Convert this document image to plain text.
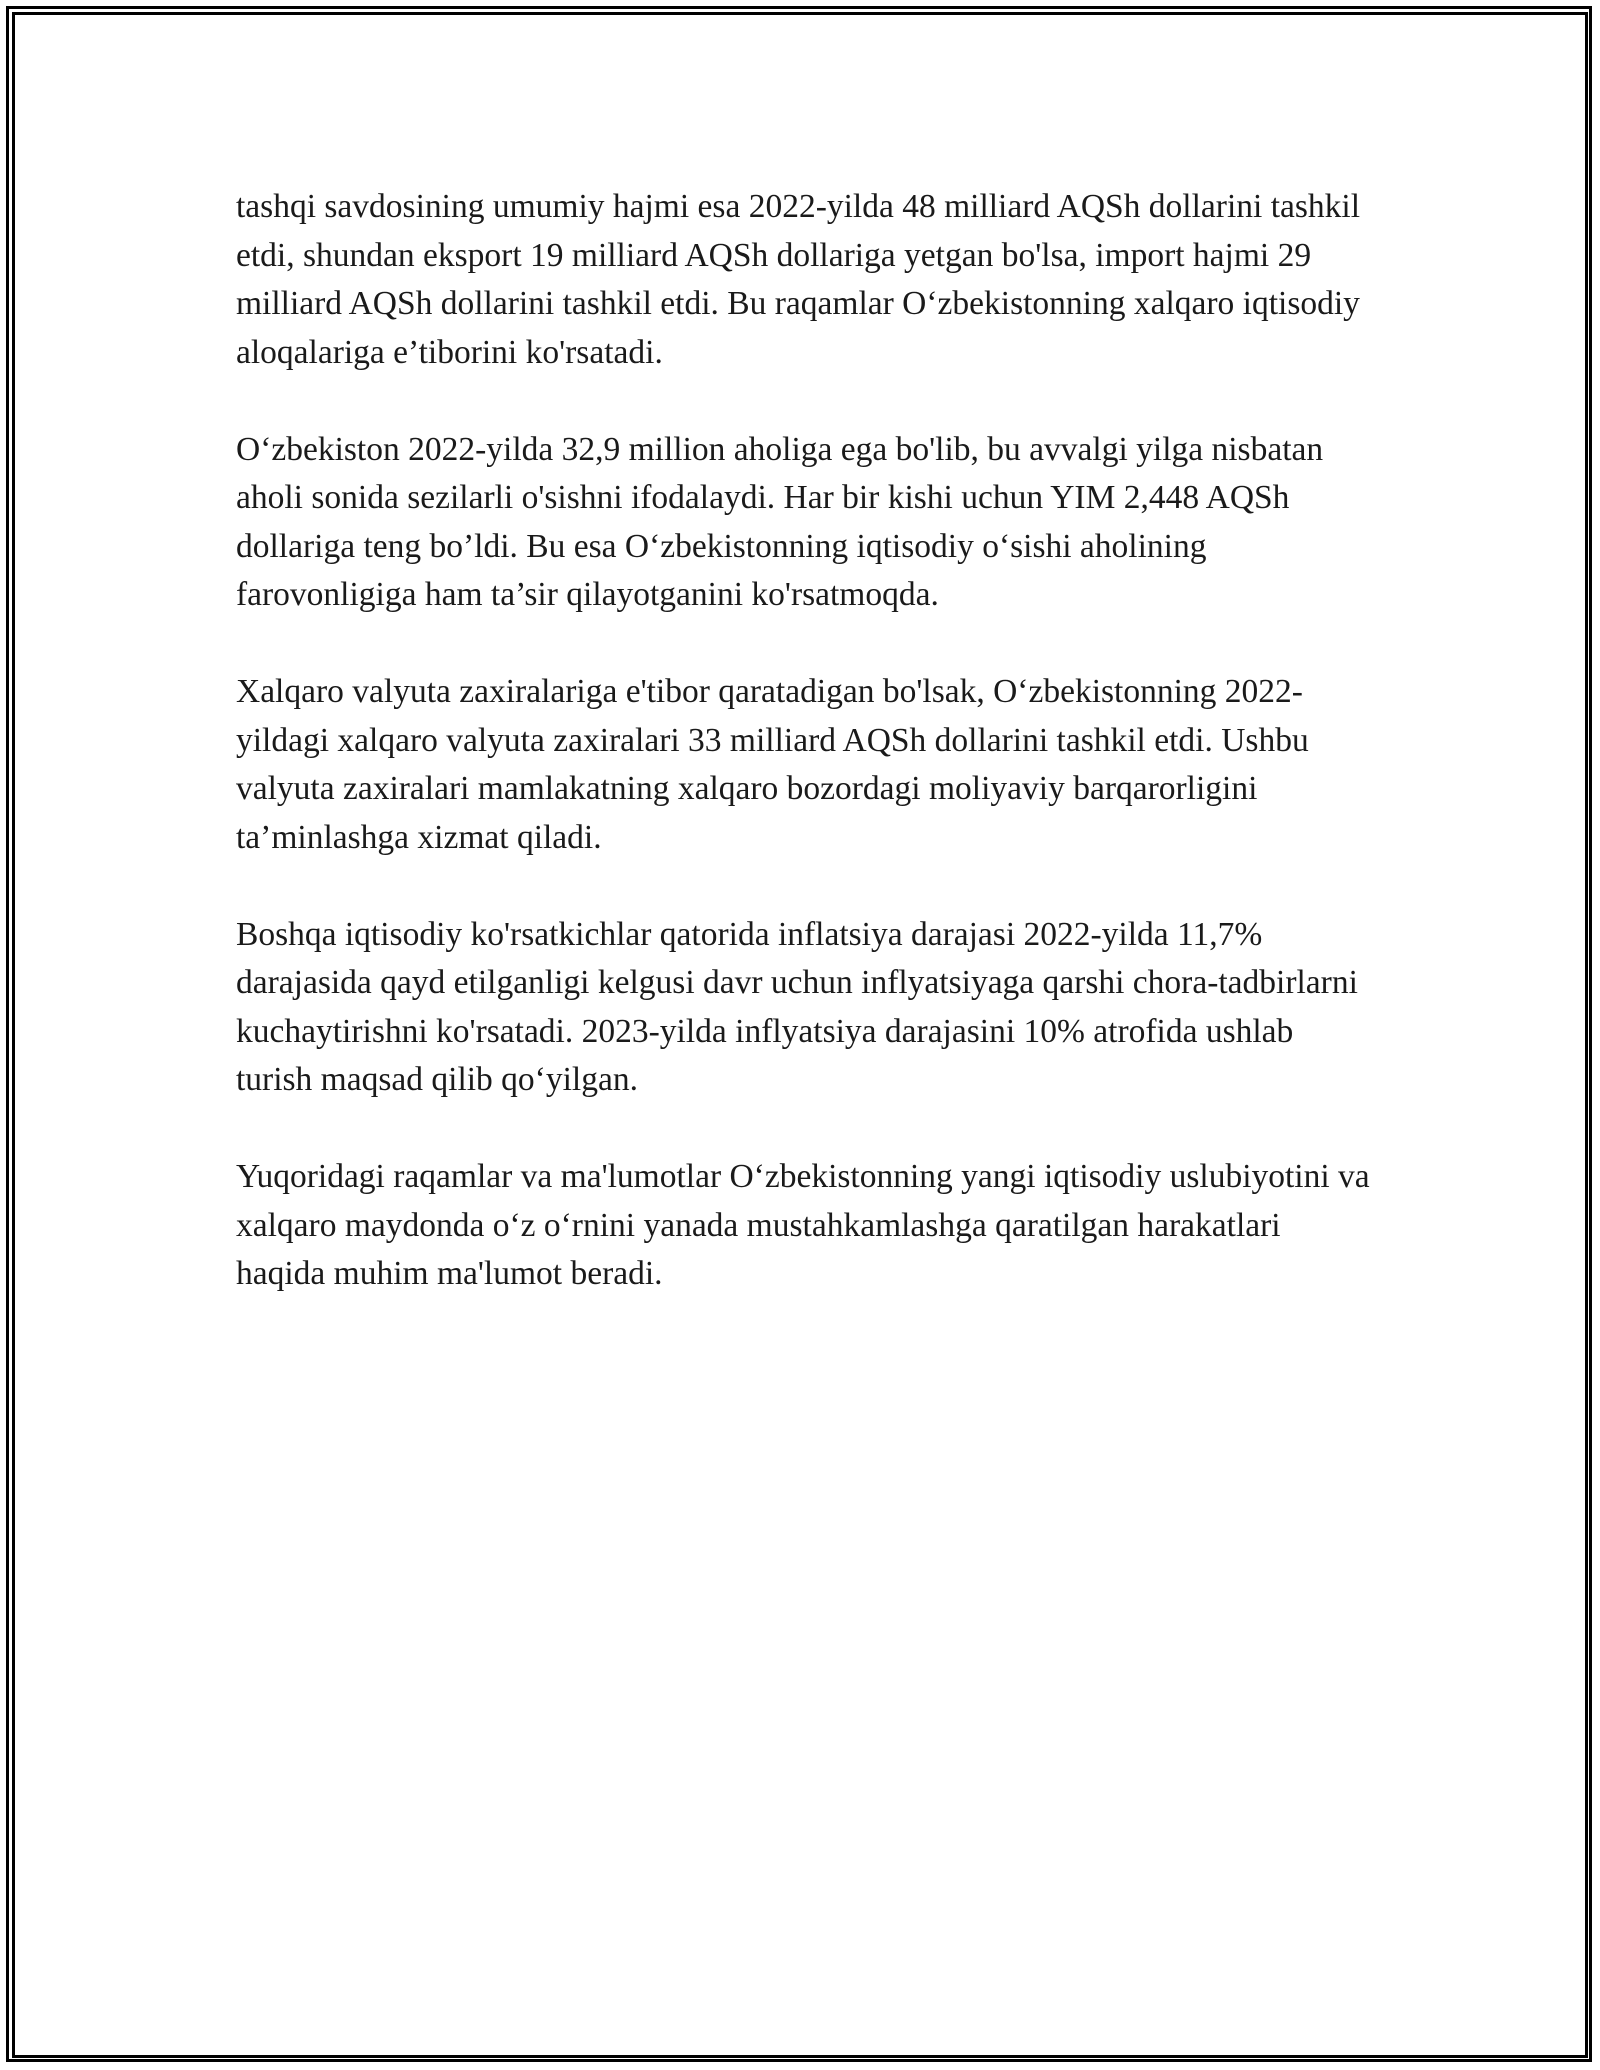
tashqi savdosining umumiy hajmi esa 2022-yilda 48 milliard AQSh dollarini tashkil etdi, shundan eksport 19 milliard AQSh dollariga yetgan bo'lsa, import hajmi 29 milliard AQSh dollarini tashkil etdi. Bu raqamlar O‘zbekistonning xalqaro iqtisodiy aloqalariga e’tiborini ko'rsatadi.

O‘zbekiston 2022-yilda 32,9 million aholiga ega bo'lib, bu avvalgi yilga nisbatan aholi sonida sezilarli o'sishni ifodalaydi. Har bir kishi uchun YIM 2,448 AQSh dollariga teng bo’ldi. Bu esa O‘zbekistonning iqtisodiy o‘sishi aholining farovonligiga ham ta’sir qilayotganini ko'rsatmoqda.

Xalqaro valyuta zaxiralariga e'tibor qaratadigan bo'lsak, O‘zbekistonning 2022-yildagi xalqaro valyuta zaxiralari 33 milliard AQSh dollarini tashkil etdi. Ushbu valyuta zaxiralari mamlakatning xalqaro bozordagi moliyaviy barqarorligini ta’minlashga xizmat qiladi.

Boshqa iqtisodiy ko'rsatkichlar qatorida inflatsiya darajasi 2022-yilda 11,7% darajasida qayd etilganligi kelgusi davr uchun inflyatsiyaga qarshi chora-tadbirlarni kuchaytirishni ko'rsatadi. 2023-yilda inflyatsiya darajasini 10% atrofida ushlab turish maqsad qilib qo‘yilgan.

Yuqoridagi raqamlar va ma'lumotlar O‘zbekistonning yangi iqtisodiy uslubiyotini va xalqaro maydonda o‘z o‘rnini yanada mustahkamlashga qaratilgan harakatlari haqida muhim ma'lumot beradi.
